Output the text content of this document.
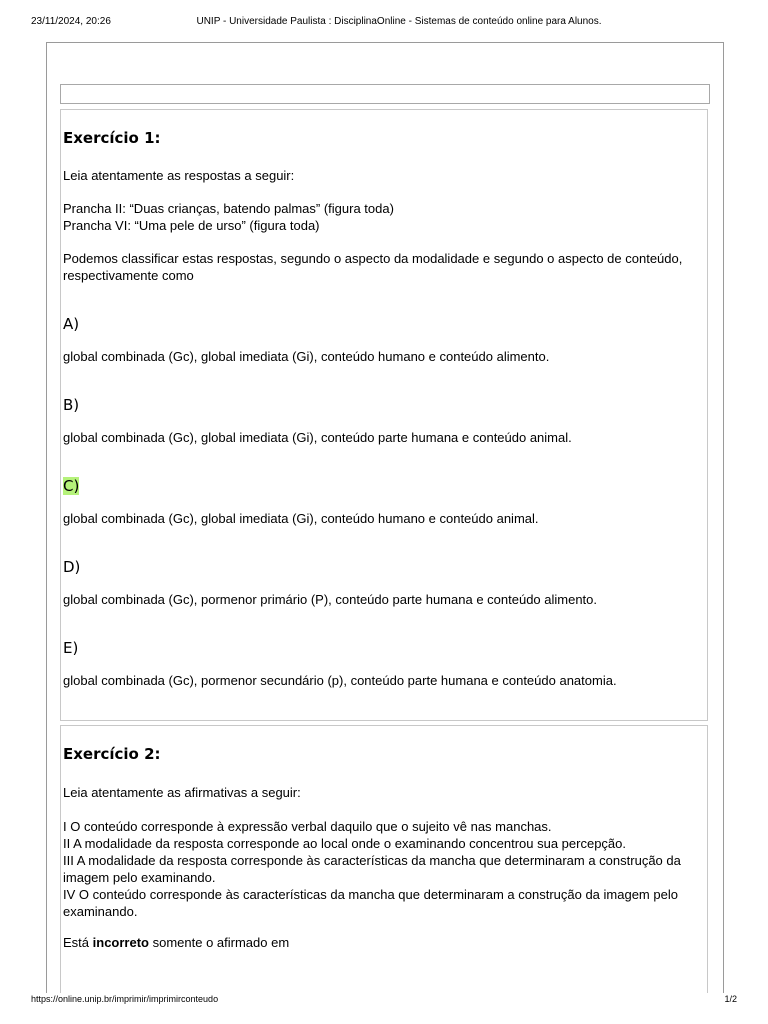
23/11/2024, 20:26	UNIP - Universidade Paulista : DisciplinaOnline - Sistemas de conteúdo online para Alunos.
Exercício 1:
Leia atentamente as respostas a seguir:
Prancha II: “Duas crianças, batendo palmas” (figura toda)
Prancha VI: “Uma pele de urso” (figura toda)
Podemos classificar estas respostas, segundo o aspecto da modalidade e segundo o aspecto de conteúdo, respectivamente como
A)
global combinada (Gc), global imediata (Gi), conteúdo humano e conteúdo alimento.
B)
global combinada (Gc), global imediata (Gi), conteúdo parte humana e conteúdo animal.
C)
global combinada (Gc), global imediata (Gi), conteúdo humano e conteúdo animal.
D)
global combinada (Gc), pormenor primário (P), conteúdo parte humana e conteúdo alimento.
E)
global combinada (Gc), pormenor secundário (p), conteúdo parte humana e conteúdo anatomia.
Exercício 2:
Leia atentamente as afirmativas a seguir:
I O conteúdo corresponde à expressão verbal daquilo que o sujeito vê nas manchas.
II A modalidade da resposta corresponde ao local onde o examinando concentrou sua percepção.
III A modalidade da resposta corresponde às características da mancha que determinaram a construção da imagem pelo examinando.
IV O conteúdo corresponde às características da mancha que determinaram a construção da imagem pelo examinando.
Está incorreto somente o afirmado em
https://online.unip.br/imprimir/imprimirconteudo	1/2
